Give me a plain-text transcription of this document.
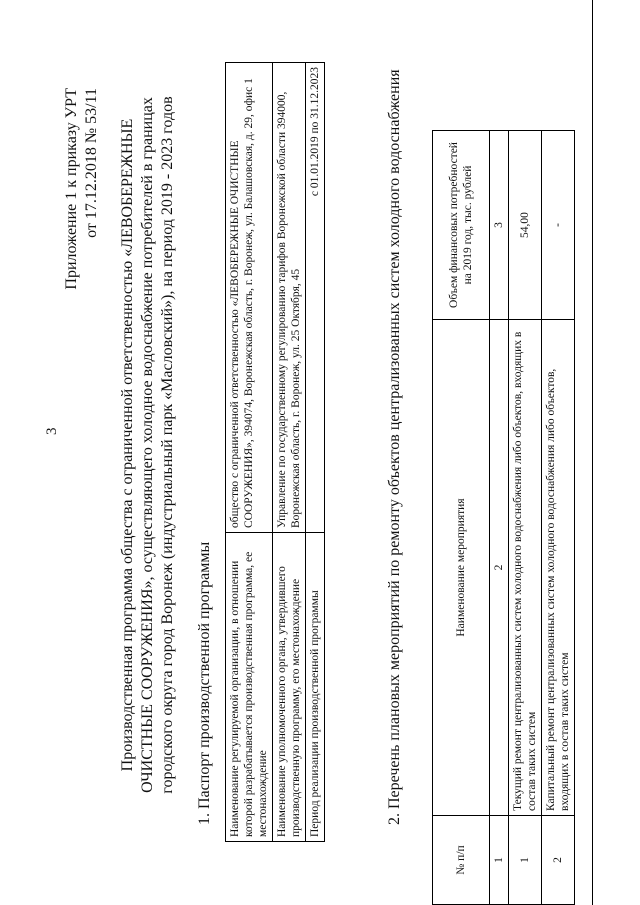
3
Приложение 1 к приказу УРТ от 17.12.2018 № 53/11 Производственная программа общества с ограниченной ответственностью «ЛЕВОБЕРЕЖНЫЕ ОЧИСТНЫЕ СООРУЖЕНИЯ», осуществляющего холодное водоснабжение потребителей в границах городского округа город Воронеж (индустриальный парк «Масловский»), на период 2019 - 2023 годов 1. Паспорт производственной программы Наименование регулируемой организации, в отношении которой разрабатывается производственная программа, ее местонахождение	общество с ограниченной ответственностью «ЛЕВОБЕРЕЖНЫЕ ОЧИСТНЫЕ СООРУЖЕНИЯ», 394074, Воронежская область, г. Воронеж, ул. Балашовская, д. 29, офис 1
Наименование уполномоченного органа, утвердившего производственную программу, его местонахождение	Управление по государственному регулированию тарифов Воронежской области 394000, Воронежская область, г. Воронеж, ул. 25 Октября, 45
Период реализации производственной программы	с 01.01.2019 по 31.12.2023	2. Перечень плановых мероприятий по ремонту объектов централизованных систем холодного водоснабжения
№ п/п	Наименование мероприятия	Объем финансовых потребностей на 2019 год, тыс. рублей
1	2	3
1	Текущий ремонт централизованных систем холодного водоснабжения либо объектов, входящих в состав таких систем	54,00
2	Капитальный ремонт централизованных систем холодного водоснабжения либо объектов, входящих в состав таких систем	-
